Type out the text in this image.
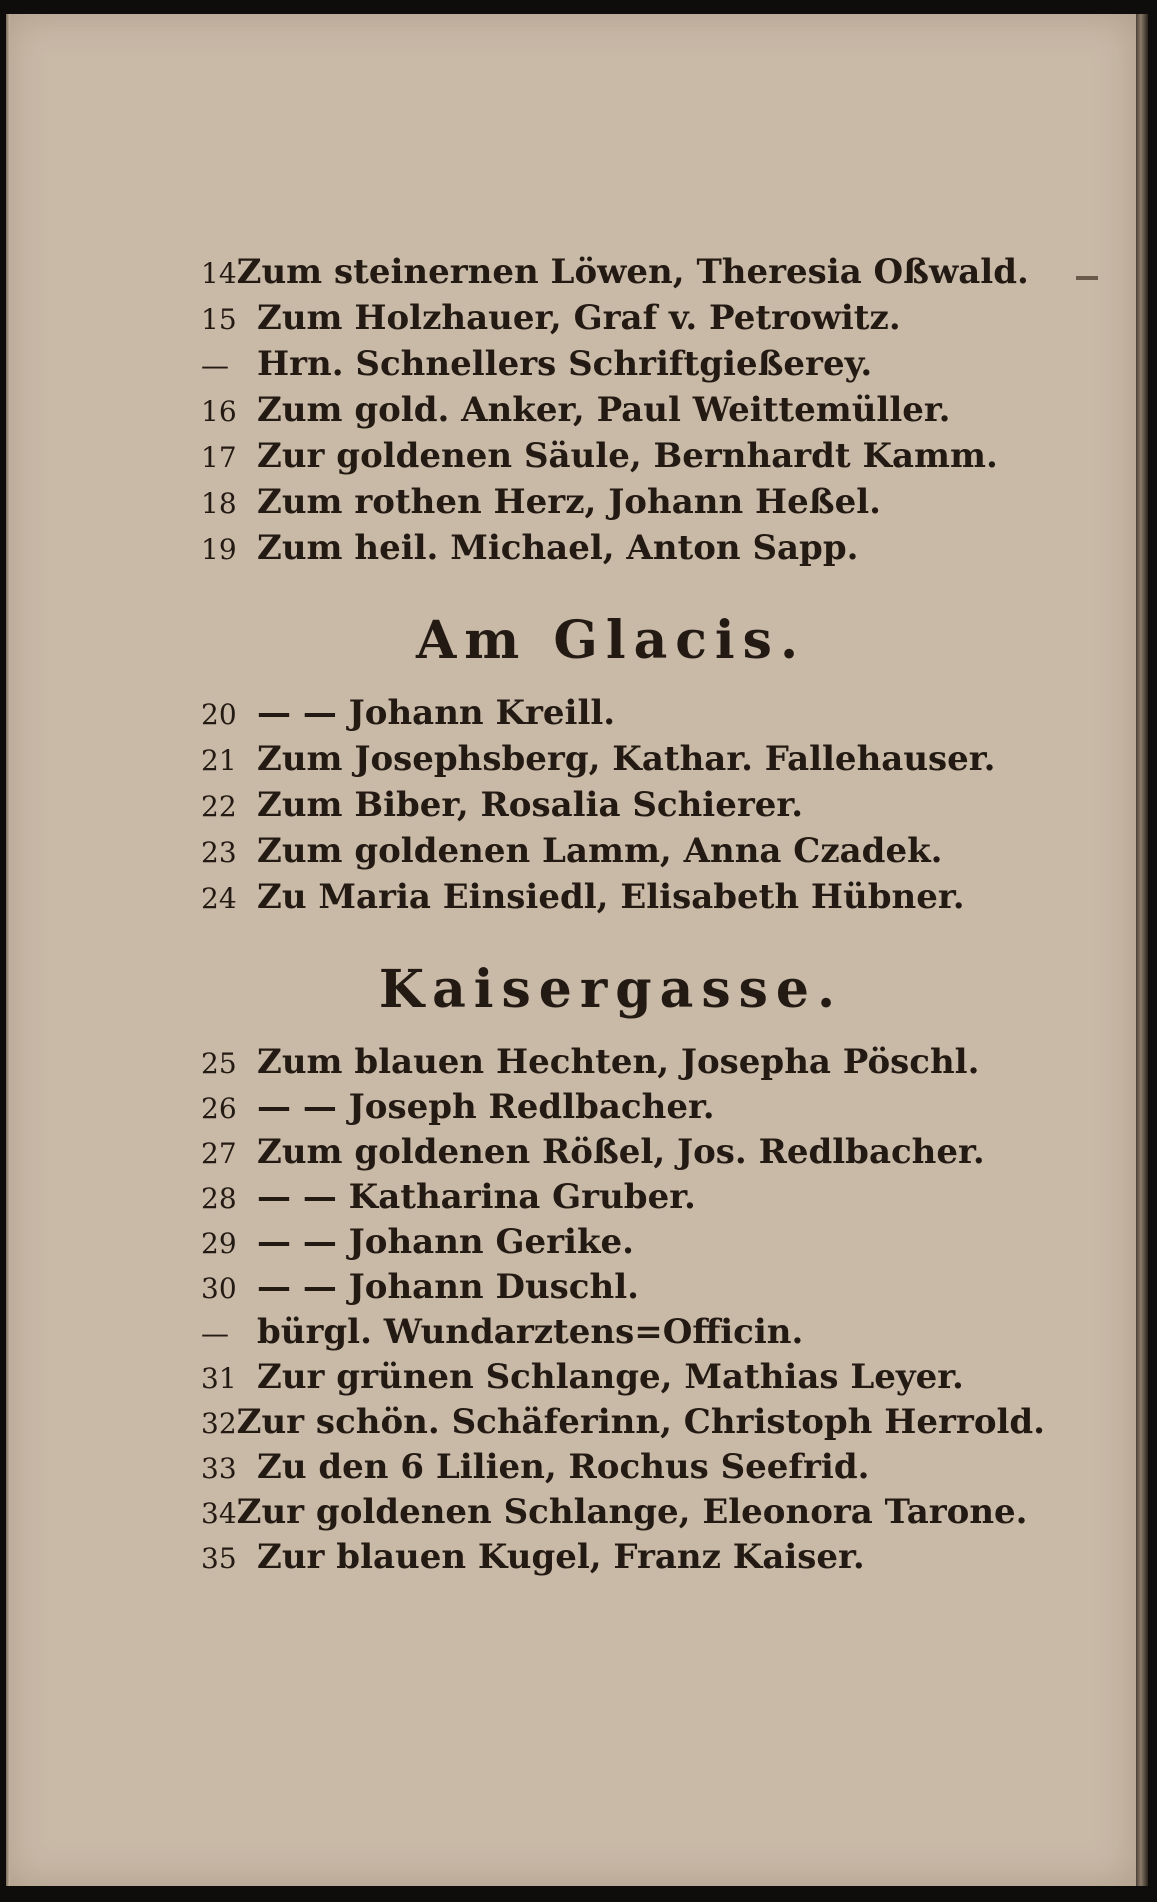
14 Zum steinernen Löwen, Theresia Oßwald.
15 Zum Holzhauer, Graf v. Petrowitz.
— Hrn. Schnellers Schriftgießerey.
16 Zum gold. Anker, Paul Weittemüller.
17 Zur goldenen Säule, Bernhardt Kamm.
18 Zum rothen Herz, Johann Heßel.
19 Zum heil. Michael, Anton Sapp.
Am Glacis.
20 — — Johann Kreill.
21 Zum Josephsberg, Kathar. Fallehauser.
22 Zum Biber, Rosalia Schierer.
23 Zum goldenen Lamm, Anna Czadek.
24 Zu Maria Einsiedl, Elisabeth Hübner.
Kaisergasse.
25 Zum blauen Hechten, Josepha Pöschl.
26 — — Joseph Redlbacher.
27 Zum goldenen Rößel, Jos. Redlbacher.
28 — — Katharina Gruber.
29 — — Johann Gerike.
30 — — Johann Duschl.
— bürgl. Wundarztens=Officin.
31 Zur grünen Schlange, Mathias Leyer.
32 Zur schön. Schäferinn, Christoph Herrold.
33 Zu den 6 Lilien, Rochus Seefrid.
34 Zur goldenen Schlange, Eleonora Tarone.
35 Zur blauen Kugel, Franz Kaiser.
